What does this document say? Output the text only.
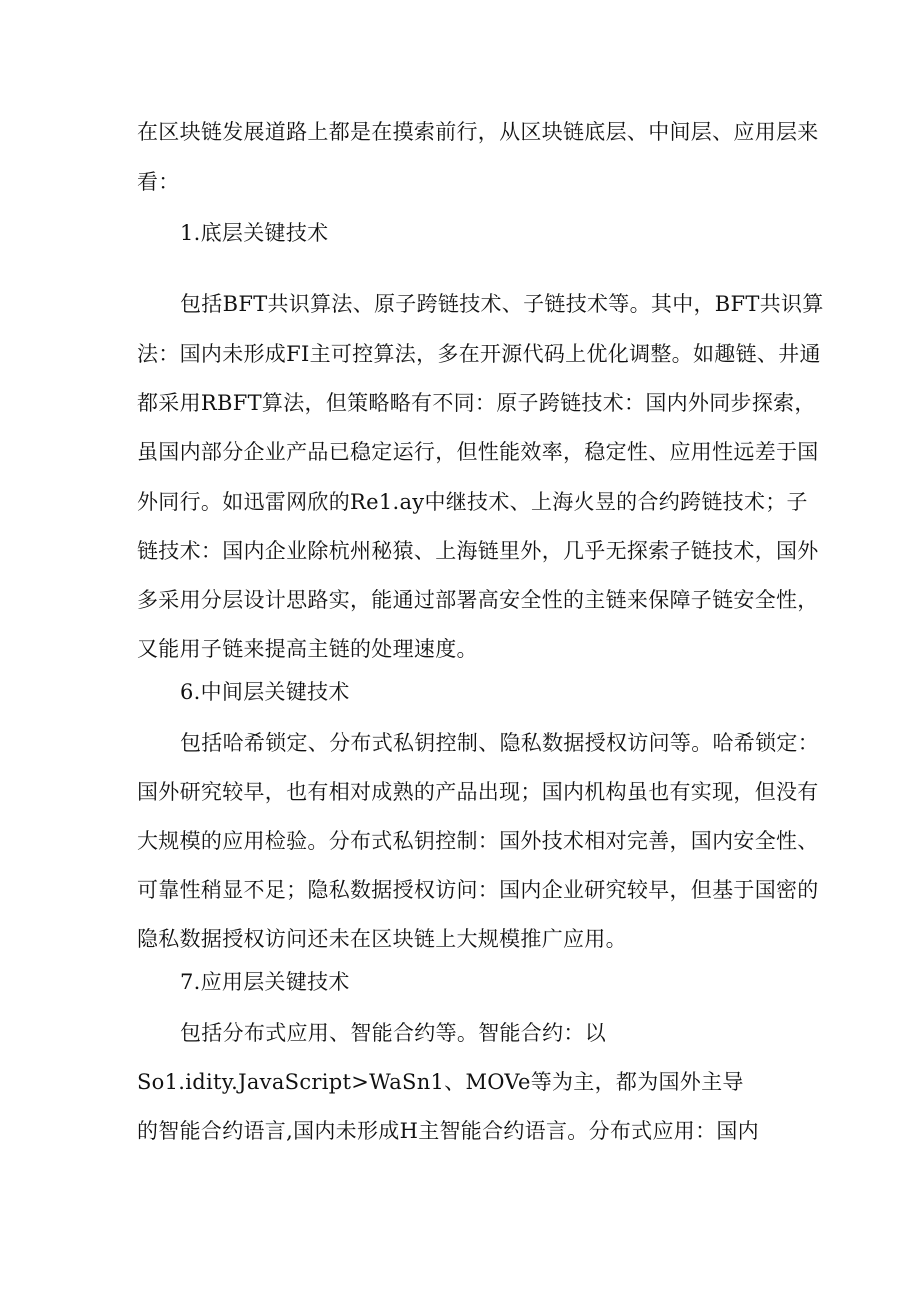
在区块链发展道路上都是在摸索前行，从区块链底层、中间层、应用层来

看：

1.底层关键技术

包括BFT共识算法、原子跨链技术、子链技术等。其中，BFT共识算

法：国内未形成FI主可控算法，多在开源代码上优化调整。如趣链、井通

都采用RBFT算法，但策略略有不同：原子跨链技术：国内外同步探索，

虽国内部分企业产品已稳定运行，但性能效率，稳定性、应用性远差于国

外同行。如迅雷网欣的Re1.ay中继技术、上海火昱的合约跨链技术；子

链技术：国内企业除杭州秘猿、上海链里外，几乎无探索子链技术，国外

多采用分层设计思路实，能通过部署高安全性的主链来保障子链安全性，

又能用子链来提高主链的处理速度。

6.中间层关键技术

包括哈希锁定、分布式私钥控制、隐私数据授权访问等。哈希锁定：

国外研究较早，也有相对成熟的产品出现；国内机构虽也有实现，但没有

大规模的应用检验。分布式私钥控制：国外技术相对完善，国内安全性、

可靠性稍显不足；隐私数据授权访问：国内企业研究较早，但基于国密的

隐私数据授权访问还未在区块链上大规模推广应用。

7.应用层关键技术

包括分布式应用、智能合约等。智能合约：以

So1.idity.JavaScript>WaSn1、MOVe等为主，都为国外主导

的智能合约语言,国内未形成H主智能合约语言。分布式应用：国内
